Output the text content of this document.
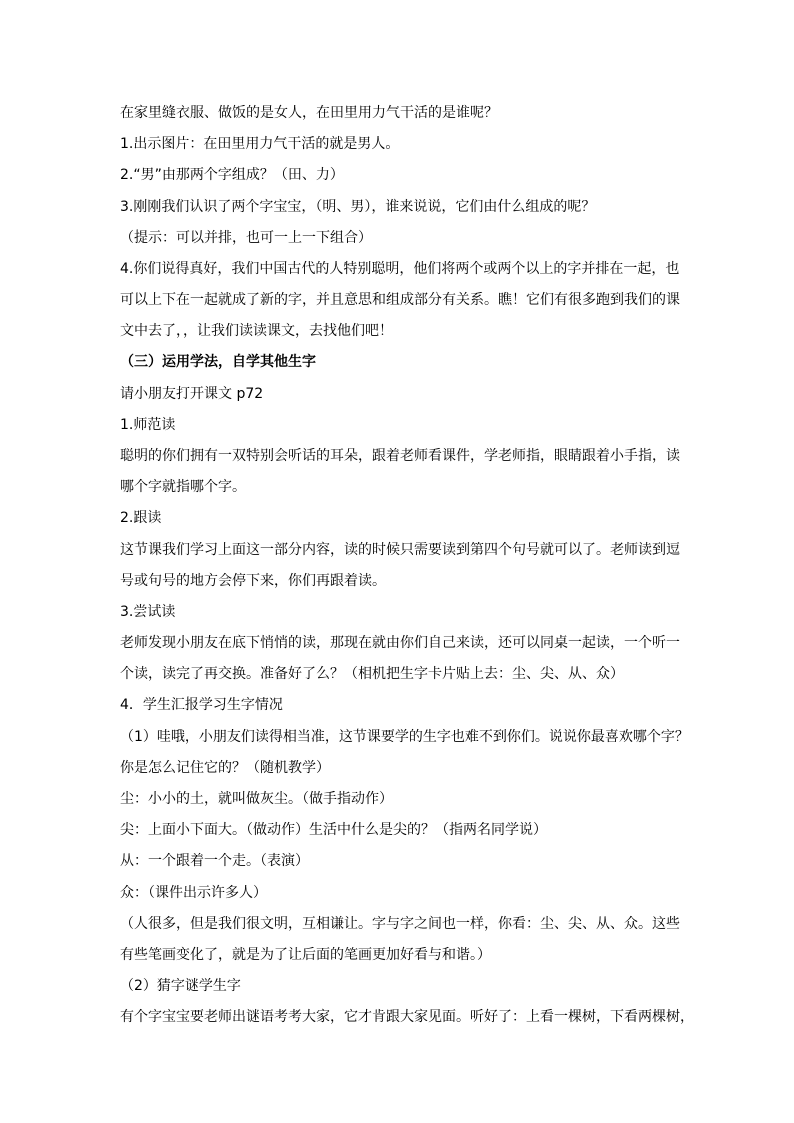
在家里缝衣服、做饭的是女人，在田里用力气干活的是谁呢？
1.出示图片：在田里用力气干活的就是男人。
2.“男”由那两个字组成？（田、力）
3.刚刚我们认识了两个字宝宝，（明、男），谁来说说，它们由什么组成的呢？
（提示：可以并排，也可一上一下组合）
4.你们说得真好，我们中国古代的人特别聪明，他们将两个或两个以上的字并排在一起，也
可以上下在一起就成了新的字，并且意思和组成部分有关系。瞧！它们有很多跑到我们的课
文中去了，，让我们读读课文，去找他们吧！
（三）运用学法，自学其他生字
请小朋友打开课文 p72
1.师范读
聪明的你们拥有一双特别会听话的耳朵，跟着老师看课件，学老师指，眼睛跟着小手指，读
哪个字就指哪个字。
2.跟读
这节课我们学习上面这一部分内容，读的时候只需要读到第四个句号就可以了。老师读到逗
号或句号的地方会停下来，你们再跟着读。
3.尝试读
老师发现小朋友在底下悄悄的读，那现在就由你们自己来读，还可以同桌一起读，一个听一
个读，读完了再交换。准备好了么？（相机把生字卡片贴上去：尘、尖、从、众）
4．学生汇报学习生字情况
（1）哇哦，小朋友们读得相当准，这节课要学的生字也难不到你们。说说你最喜欢哪个字？
你是怎么记住它的？（随机教学）
尘：小小的土，就叫做灰尘。（做手指动作）
尖：上面小下面大。（做动作）生活中什么是尖的？（指两名同学说）
从：一个跟着一个走。（表演）
众：（课件出示许多人）
（人很多，但是我们很文明，互相谦让。字与字之间也一样，你看：尘、尖、从、众。这些
有些笔画变化了，就是为了让后面的笔画更加好看与和谐。）
（2）猜字谜学生字
有个字宝宝要老师出谜语考考大家，它才肯跟大家见面。听好了：上看一棵树，下看两棵树，
